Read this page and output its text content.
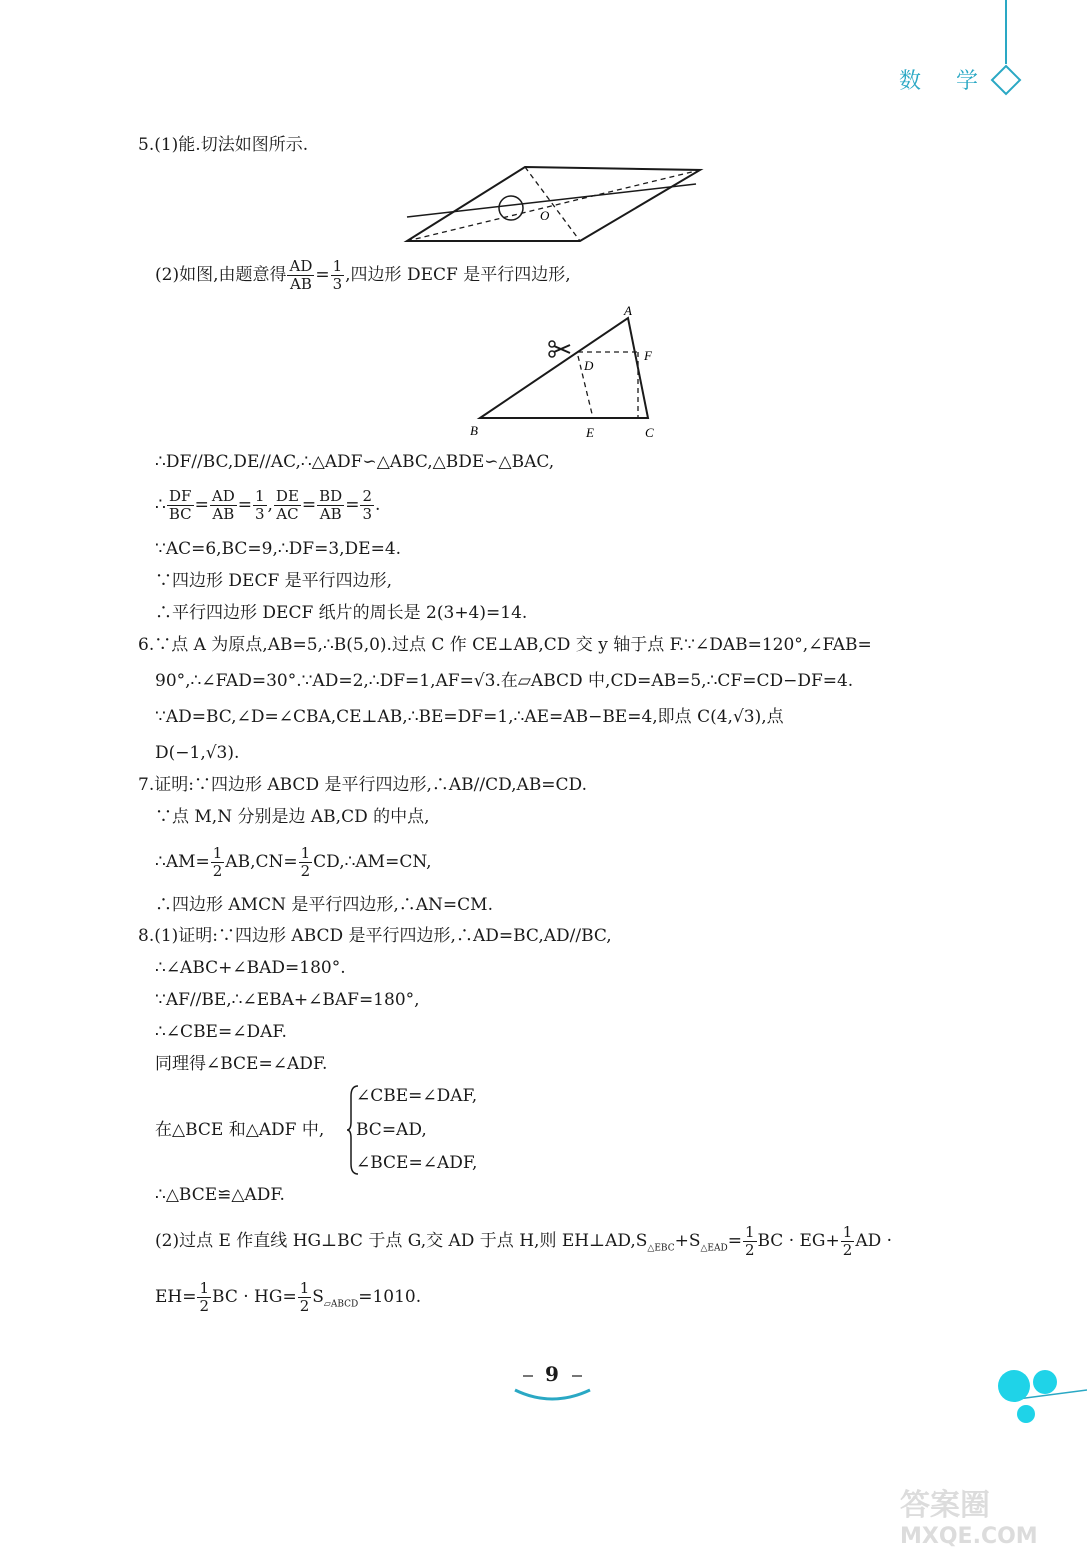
数 学
5.(1)能.切法如图所示.
O
(2)如图,由题意得 $\frac{AD}{AB} = \frac{1}{3}$ ,四边形 DECF 是平行四边形,
A
B	C
D
E
F
∴DF//BC,DE//AC,∴△ADF∽△ABC,△BDE∽△BAC,
∴ $\frac{DF}{BC} = \frac{AD}{AB} = \frac{1}{3}$ , $\frac{DE}{AC} = \frac{BD}{AB} = \frac{2}{3}$ .
∵AC=6,BC=9,∴DF=3,DE=4.
∵四边形 DECF 是平行四边形,
∴平行四边形 DECF 纸片的周长是 2(3+4)=14.
6.∵点 A 为原点,AB=5,∴B(5,0).过点 C 作 CE⊥AB,CD 交 y 轴于点 F.∵∠DAB=120°,∠FAB=
90°,∴∠FAD=30°.∵AD=2,∴DF=1,AF=√3.在▱ABCD 中,CD=AB=5,∴CF=CD−DF=4.
∵AD=BC,∠D=∠CBA,CE⊥AB,∴BE=DF=1,∴AE=AB−BE=4,即点 C(4,√3),点
D(−1,√3).
7.证明:∵四边形 ABCD 是平行四边形,∴AB//CD,AB=CD.
∵点 M,N 分别是边 AB,CD 的中点,
∴AM= $\frac{1}{2} AB,CN= \frac{1}{2}$ CD,∴AM=CN,
∴四边形 AMCN 是平行四边形,∴AN=CM.
8.(1)证明:∵四边形 ABCD 是平行四边形,∴AD=BC,AD//BC,
∴∠ABC+∠BAD=180°.
∵AF//BE,∴∠EBA+∠BAF=180°,
∴∠CBE=∠DAF.
同理得∠BCE=∠ADF.
在△BCE 和△ADF 中,
∠CBE=∠DAF,
BC=AD,
∠BCE=∠ADF,
∴△BCE≌△ADF.
(2)过点 E 作直线 HG⊥BC 于点 G,交 AD 于点 H,则 $EH\perp AD,S_{\triangle EBC}+S_{\triangle EAD}= \frac{1}{2}$ BC · $EG+ \frac{1}{2}$ AD ·
$EH= \frac{1}{2}$ BC · $HG= \frac{1}{2} S_{▱ABCD}=1010$.
9
答案圈
MXQE.COM
